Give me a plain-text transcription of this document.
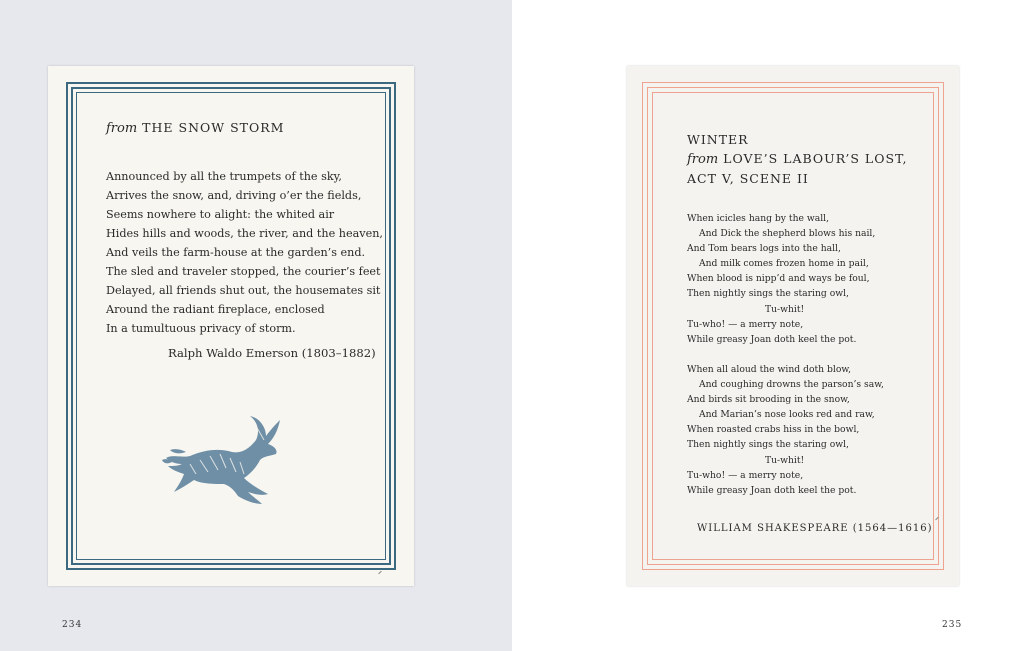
from THE SNOW STORM
Announced by all the trumpets of the sky,
Arrives the snow, and, driving o’er the fields,
Seems nowhere to alight: the whited air
Hides hills and woods, the river, and the heaven,
And veils the farm-house at the garden’s end.
The sled and traveler stopped, the courier’s feet
Delayed, all friends shut out, the housemates sit
Around the radiant fireplace, enclosed
In a tumultuous privacy of storm.
Ralph Waldo Emerson (1803–1882)
234	235
WINTER
from LOVE’S LABOUR’S LOST,
ACT V, SCENE II
When icicles hang by the wall,
And Dick the shepherd blows his nail,
And Tom bears logs into the hall,
And milk comes frozen home in pail,
When blood is nipp’d and ways be foul,
Then nightly sings the staring owl,
Tu-whit!
Tu-who! — a merry note,
While greasy Joan doth keel the pot.
When all aloud the wind doth blow,
And coughing drowns the parson’s saw,
And birds sit brooding in the snow,
And Marian’s nose looks red and raw,
When roasted crabs hiss in the bowl,
Then nightly sings the staring owl,
Tu-whit!
Tu-who! — a merry note,
While greasy Joan doth keel the pot.
WILLIAM SHAKESPEARE (1564—1616)
